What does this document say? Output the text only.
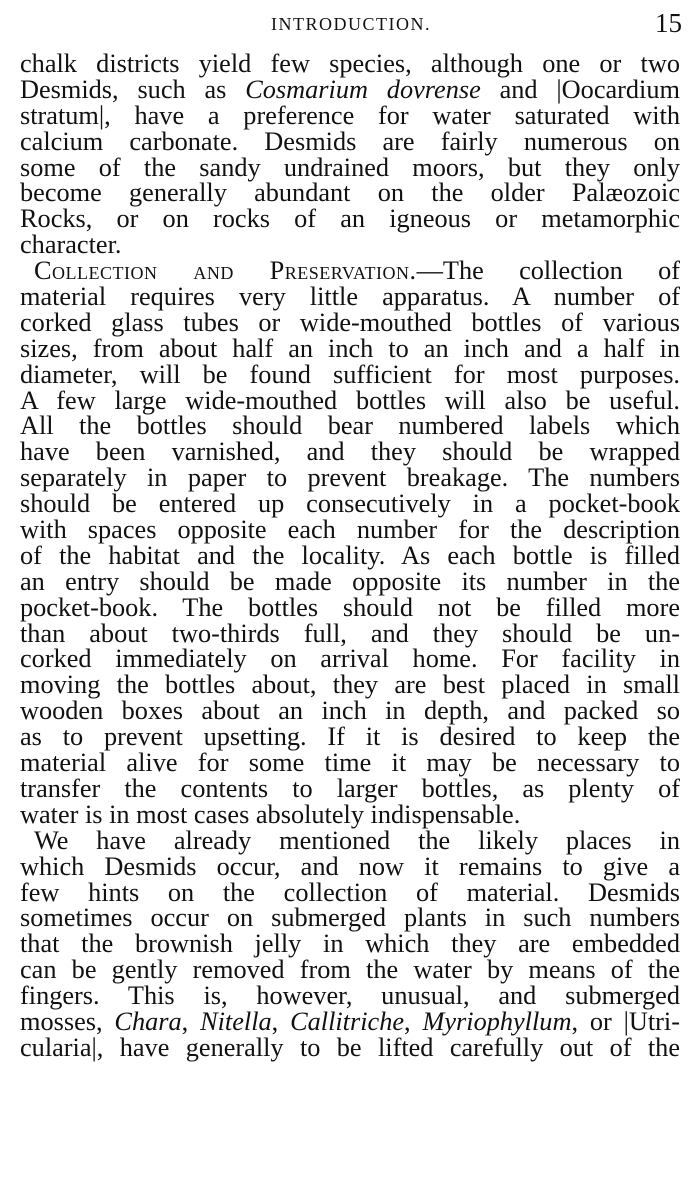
INTRODUCTION.	15
chalk districts yield few species, although one or two
Desmids, such as Cosmarium dovrense and |Oocardium
stratum|, have a preference for water saturated with
calcium carbonate. Desmids are fairly numerous on
some of the sandy undrained moors, but they only
become generally abundant on the older Palæozoic
Rocks, or on rocks of an igneous or metamorphic
character.
Collection and Preservation.—The collection of
material requires very little apparatus. A number of
corked glass tubes or wide-mouthed bottles of various
sizes, from about half an inch to an inch and a half in
diameter, will be found sufficient for most purposes.
A few large wide-mouthed bottles will also be useful.
All the bottles should bear numbered labels which
have been varnished, and they should be wrapped
separately in paper to prevent breakage. The numbers
should be entered up consecutively in a pocket-book
with spaces opposite each number for the description
of the habitat and the locality. As each bottle is filled
an entry should be made opposite its number in the
pocket-book. The bottles should not be filled more
than about two-thirds full, and they should be un-
corked immediately on arrival home. For facility in
moving the bottles about, they are best placed in small
wooden boxes about an inch in depth, and packed so
as to prevent upsetting. If it is desired to keep the
material alive for some time it may be necessary to
transfer the contents to larger bottles, as plenty of
water is in most cases absolutely indispensable.
We have already mentioned the likely places in
which Desmids occur, and now it remains to give a
few hints on the collection of material. Desmids
sometimes occur on submerged plants in such numbers
that the brownish jelly in which they are embedded
can be gently removed from the water by means of the
fingers. This is, however, unusual, and submerged
mosses, Chara, Nitella, Callitriche, Myriophyllum, or |Utri-
cularia|, have generally to be lifted carefully out of the
